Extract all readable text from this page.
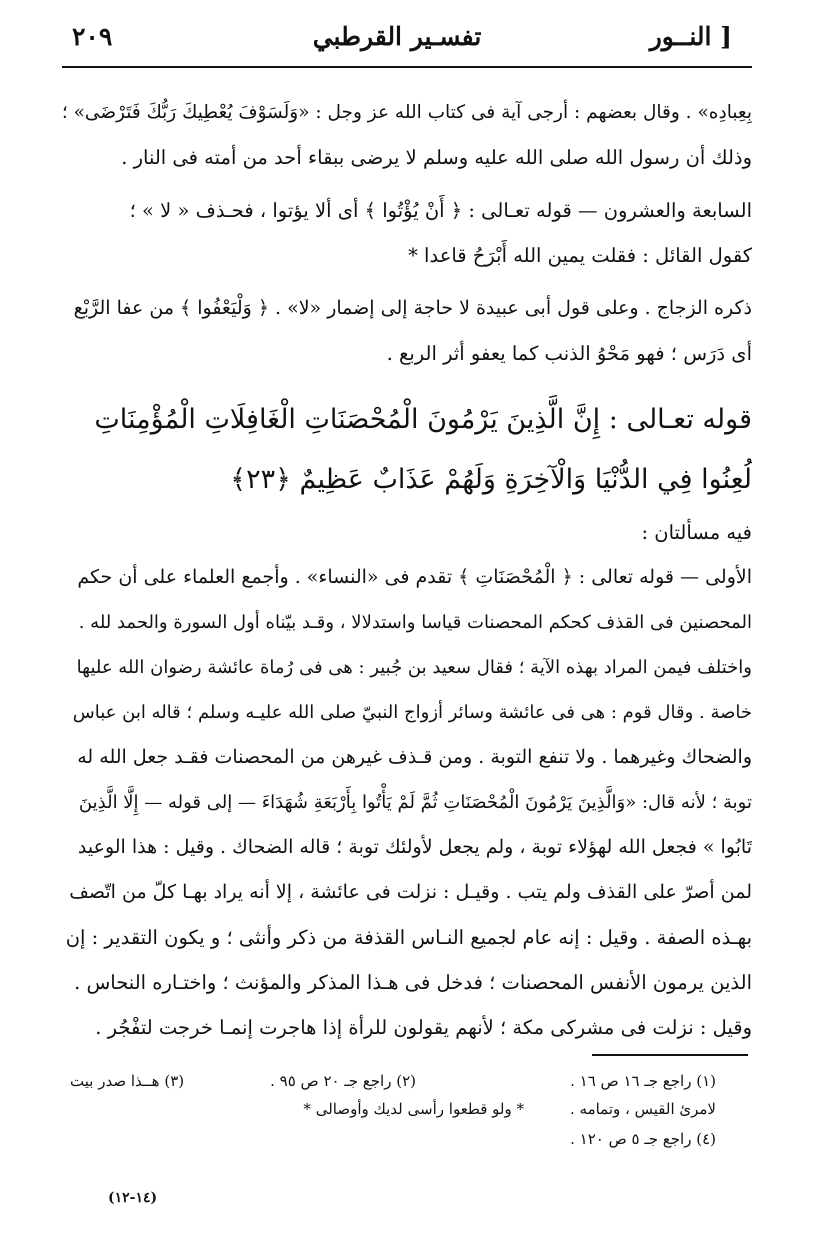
٢٠٩	تفسـير القرطبي	النــور ]
بِعِبادِه» . وقال بعضهم : أرجى آية فى كتاب الله عز وجل : «وَلَسَوْفَ يُعْطِيكَ رَبُّكَ فَتَرْضَى» ؛
وذلك أن رسول الله صلى الله عليه وسلم لا يرضى ببقاء أحد من أمته فى النار .
السابعة والعشرون — قوله تعـالى : ﴿ أَنْ يُؤْتُوا ﴾ أى ألا يؤتوا ، فحـذف « لا » ؛
كقول القائل : فقلت يمين الله أَبْرَحُ قاعدا *
ذكره الزجاج . وعلى قول أبى عبيدة لا حاجة إلى إضمار «لا» . ﴿ وَلْيَعْفُوا ﴾ من عفا الرَّبْع
أى دَرَس ؛ فهو مَحْوُ الذنب كما يعفو أثر الربع .
قوله تعـالى : إِنَّ الَّذِينَ يَرْمُونَ الْمُحْصَنَاتِ الْغَافِلَاتِ الْمُؤْمِنَاتِ
لُعِنُوا فِي الدُّنْيَا وَالْآخِرَةِ وَلَهُمْ عَذَابٌ عَظِيمٌ ﴿٢٣﴾
فيه مسألتان :
الأولى — قوله تعالى : ﴿ الْمُحْصَنَاتِ ﴾ تقدم فى «النساء» . وأجمع العلماء على أن حكم
المحصنين فى القذف كحكم المحصنات قياسا واستدلالا ، وقـد بيّناه أول السورة والحمد لله .
واختلف فيمن المراد بهذه الآية ؛ فقال سعيد بن جُبير : هى فى رُماة عائشة رضوان الله عليها
خاصة . وقال قوم : هى فى عائشة وسائر أزواج النبيّ صلى الله عليـه وسلم ؛ قاله ابن عباس
والضحاك وغيرهما . ولا تنفع التوبة . ومن قـذف غيرهن من المحصنات فقـد جعل الله له
توبة ؛ لأنه قال: «وَالَّذِينَ يَرْمُونَ الْمُحْصَنَاتِ ثُمَّ لَمْ يَأْتُوا بِأَرْبَعَةِ شُهَدَاءَ — إلى قوله — إِلَّا الَّذِينَ
تَابُوا » فجعل الله لهؤلاء توبة ، ولم يجعل لأولئك توبة ؛ قاله الضحاك . وقيل : هذا الوعيد
لمن أصرّ على القذف ولم يتب . وقيـل : نزلت فى عائشة ، إلا أنه يراد بهـا كلّ من اتّصف
بهـذه الصفة . وقيل : إنه عام لجميع النـاس القذفة من ذكر وأنثى ؛ و يكون التقدير : إن
الذين يرمون الأنفس المحصنات ؛ فدخل فى هـذا المذكر والمؤنث ؛ واختـاره النحاس .
وقيل : نزلت فى مشركى مكة ؛ لأنهم يقولون للرأة إذا هاجرت إنمـا خرجت لتفْجُر .
(١) راجع جـ ١٦ ص ١٦ .
(٢) راجع جـ ٢٠ ص ٩٥ .
(٣) هــذا صدر بيت
لامرئ القيس ، وتمامه .
* ولو قطعوا رأسى لديك وأوصالى *
(٤) راجع جـ ٥ ص ١٢٠ .
(١٤-١٢)
